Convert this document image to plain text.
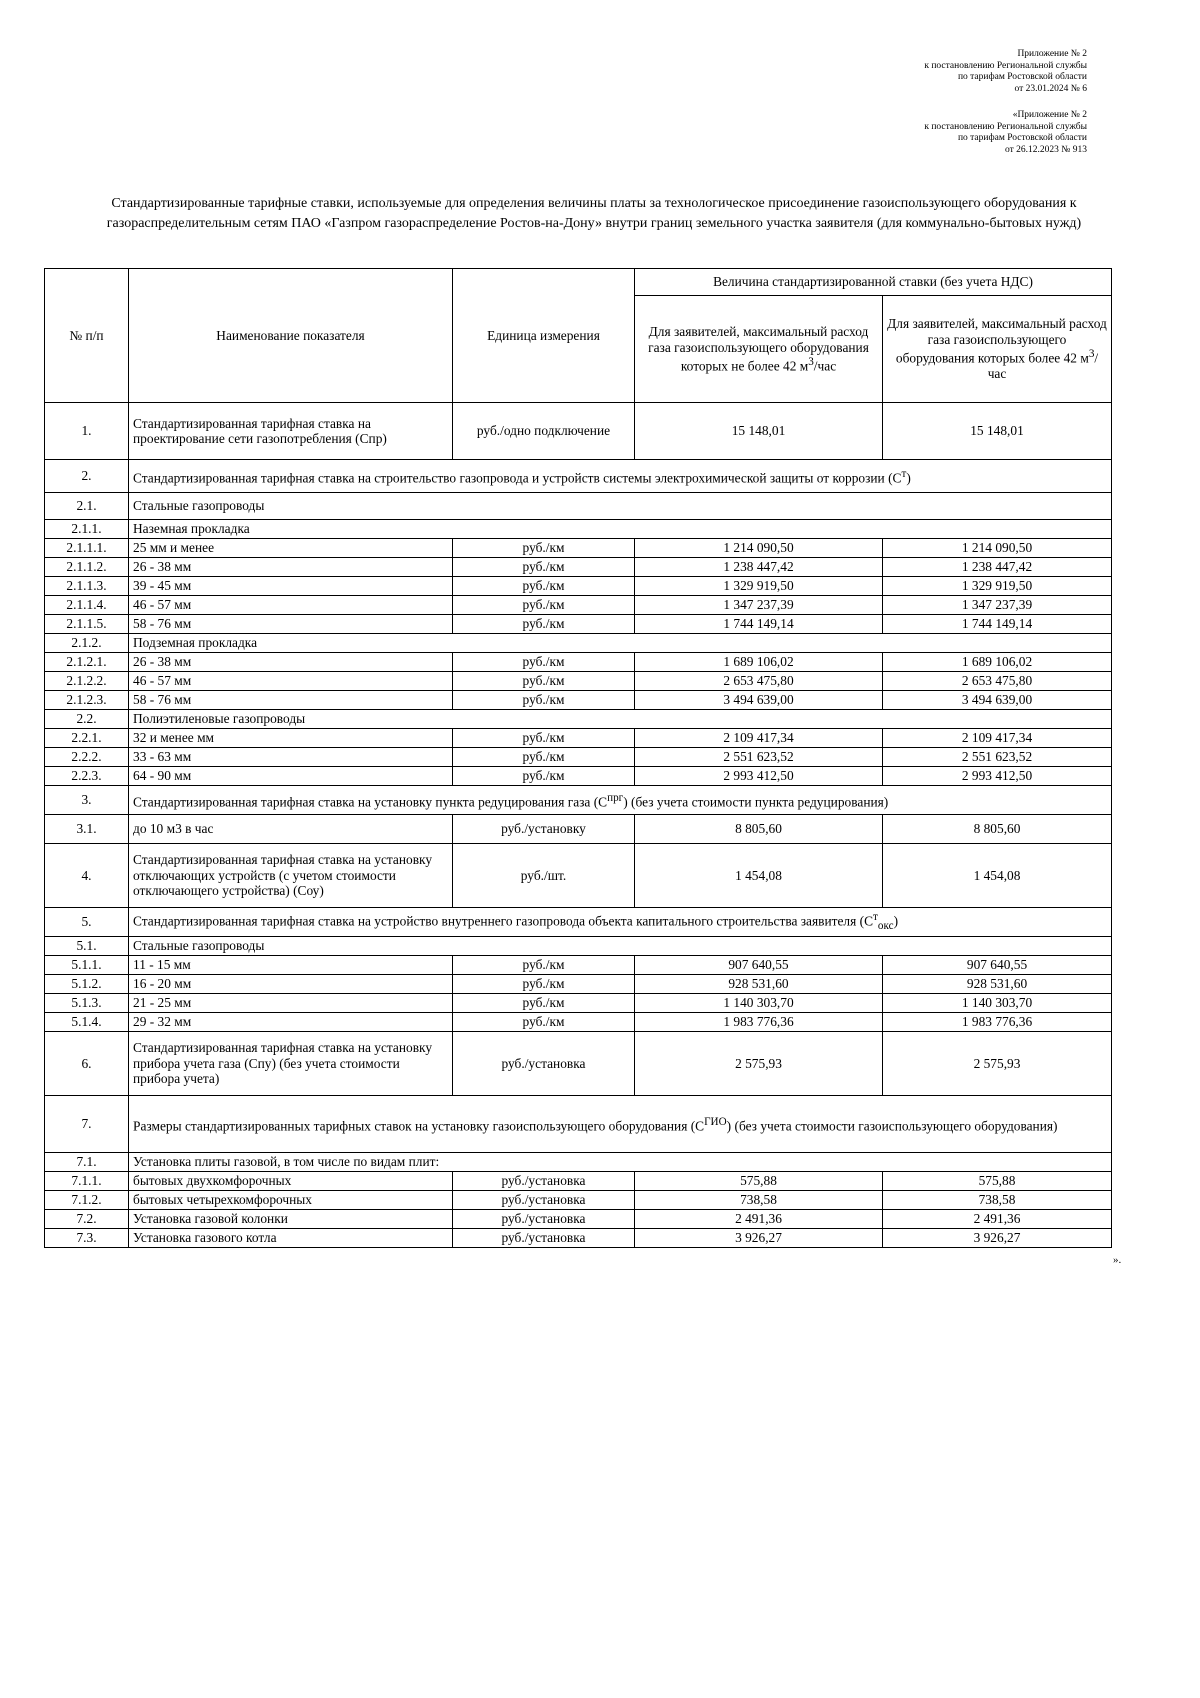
Приложение № 2
к постановлению Региональной службы
по тарифам Ростовской области
от 23.01.2024 № 6
«Приложение № 2
к постановлению Региональной службы
по тарифам Ростовской области
от 26.12.2023 № 913
Стандартизированные тарифные ставки, используемые для определения величины платы за технологическое присоединение газоиспользующего оборудования к
газораспределительным сетям ПАО «Газпром газораспределение Ростов-на-Дону» внутри границ земельного участка заявителя (для коммунально-бытовых нужд)
№ п/п	Наименование показателя	Единица измерения	Величина стандартизированной ставки (без учета НДС)	
			Для заявителей, максимальный расход газа газоиспользующего оборудования которых не более 42 $м^3$/час	Для заявителей, максимальный расход газа газоиспользующего оборудования которых более 42 $м^3$/час
1.	Стандартизированная тарифная ставка на проектирование сети газопотребления (Спр)	руб./одно подключение	15 148,01	15 148,01
2.	Стандартизированная тарифная ставка на строительство газопровода и устройств системы электрохимической защиты от коррозии $(С^т)$			
2.1.	Стальные газопроводы			
2.1.1.	Наземная прокладка			
2.1.1.1.	25 мм и менее	руб./км	1 214 090,50	1 214 090,50
2.1.1.2.	26 - 38 мм	руб./км	1 238 447,42	1 238 447,42
2.1.1.3.	39 - 45 мм	руб./км	1 329 919,50	1 329 919,50
2.1.1.4.	46 - 57 мм	руб./км	1 347 237,39	1 347 237,39
2.1.1.5.	58 - 76 мм	руб./км	1 744 149,14	1 744 149,14
2.1.2.	Подземная прокладка			
2.1.2.1.	26 - 38 мм	руб./км	1 689 106,02	1 689 106,02
2.1.2.2.	46 - 57 мм	руб./км	2 653 475,80	2 653 475,80
2.1.2.3.	58 - 76 мм	руб./км	3 494 639,00	3 494 639,00
2.2.	Полиэтиленовые газопроводы			
2.2.1.	32 и менее мм	руб./км	2 109 417,34	2 109 417,34
2.2.2.	33 - 63 мм	руб./км	2 551 623,52	2 551 623,52
2.2.3.	64 - 90 мм	руб./км	2 993 412,50	2 993 412,50
3.	Стандартизированная тарифная ставка на установку пункта редуцирования газа $(С^{прг})$ (без учета стоимости пункта редуцирования)			
3.1.	до 10 м3 в час	руб./установку	8 805,60	8 805,60
4.	Стандартизированная тарифная ставка на установку отключающих устройств (с учетом стоимости отключающего устройства) (Соу)	руб./шт.	1 454,08	1 454,08
5.	Стандартизированная тарифная ставка на устройство внутреннего газопровода объекта капитального строительства заявителя $(С^т_{окс})$			
5.1.	Стальные газопроводы			
5.1.1.	11 - 15 мм	руб./км	907 640,55	907 640,55
5.1.2.	16 - 20 мм	руб./км	928 531,60	928 531,60
5.1.3.	21 - 25 мм	руб./км	1 140 303,70	1 140 303,70
5.1.4.	29 - 32 мм	руб./км	1 983 776,36	1 983 776,36
6.	Стандартизированная тарифная ставка на установку прибора учета газа (Спу) (без учета стоимости прибора учета)	руб./установка	2 575,93	2 575,93
7.	Размеры стандартизированных тарифных ставок на установку газоиспользующего оборудования $(С^{ГИО})$ (без учета стоимости газоиспользующего оборудования)			
7.1.	Установка плиты газовой, в том числе по видам плит:			
7.1.1.	бытовых двухкомфорочных	руб./установка	575,88	575,88
7.1.2.	бытовых четырехкомфорочных	руб./установка	738,58	738,58
7.2.	Установка газовой колонки	руб./установка	2 491,36	2 491,36
7.3.	Установка газового котла	руб./установка	3 926,27	3 926,27
».
